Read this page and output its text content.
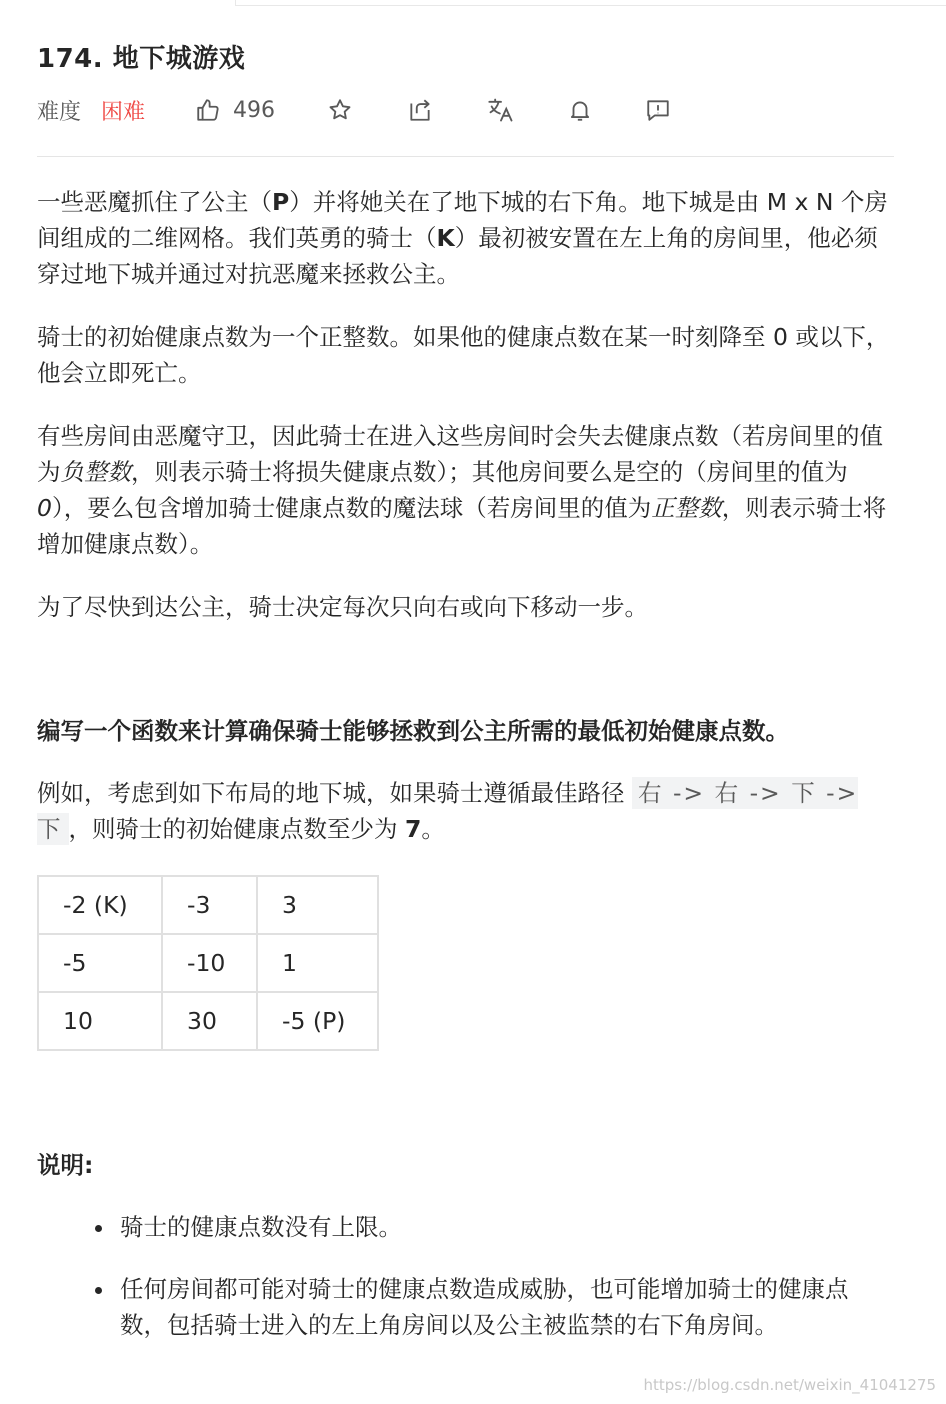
174. 地下城游戏
难度 困难	496

一些恶魔抓住了公主（P）并将她关在了地下城的右下角。地下城是由 M x N 个房间组成的二维网格。我们英勇的骑士（K）最初被安置在左上角的房间里，他必须穿过地下城并通过对抗恶魔来拯救公主。

骑士的初始健康点数为一个正整数。如果他的健康点数在某一时刻降至 0 或以下，他会立即死亡。

有些房间由恶魔守卫，因此骑士在进入这些房间时会失去健康点数（若房间里的值为负整数，则表示骑士将损失健康点数）；其他房间要么是空的（房间里的值为 0），要么包含增加骑士健康点数的魔法球（若房间里的值为正整数，则表示骑士将增加健康点数）。

为了尽快到达公主，骑士决定每次只向右或向下移动一步。

编写一个函数来计算确保骑士能够拯救到公主所需的最低初始健康点数。

例如，考虑到如下布局的地下城，如果骑士遵循最佳路径 右 -> 右 -> 下 -> 下 ，则骑士的初始健康点数至少为 7。

-2 (K)	-3	3
-5	-10	1
10	30	-5 (P)
说明:
• 骑士的健康点数没有上限。
• 任何房间都可能对骑士的健康点数造成威胁，也可能增加骑士的健康点数，包括骑士进入的左上角房间以及公主被监禁的右下角房间。
https://blog.csdn.net/weixin_41041275
